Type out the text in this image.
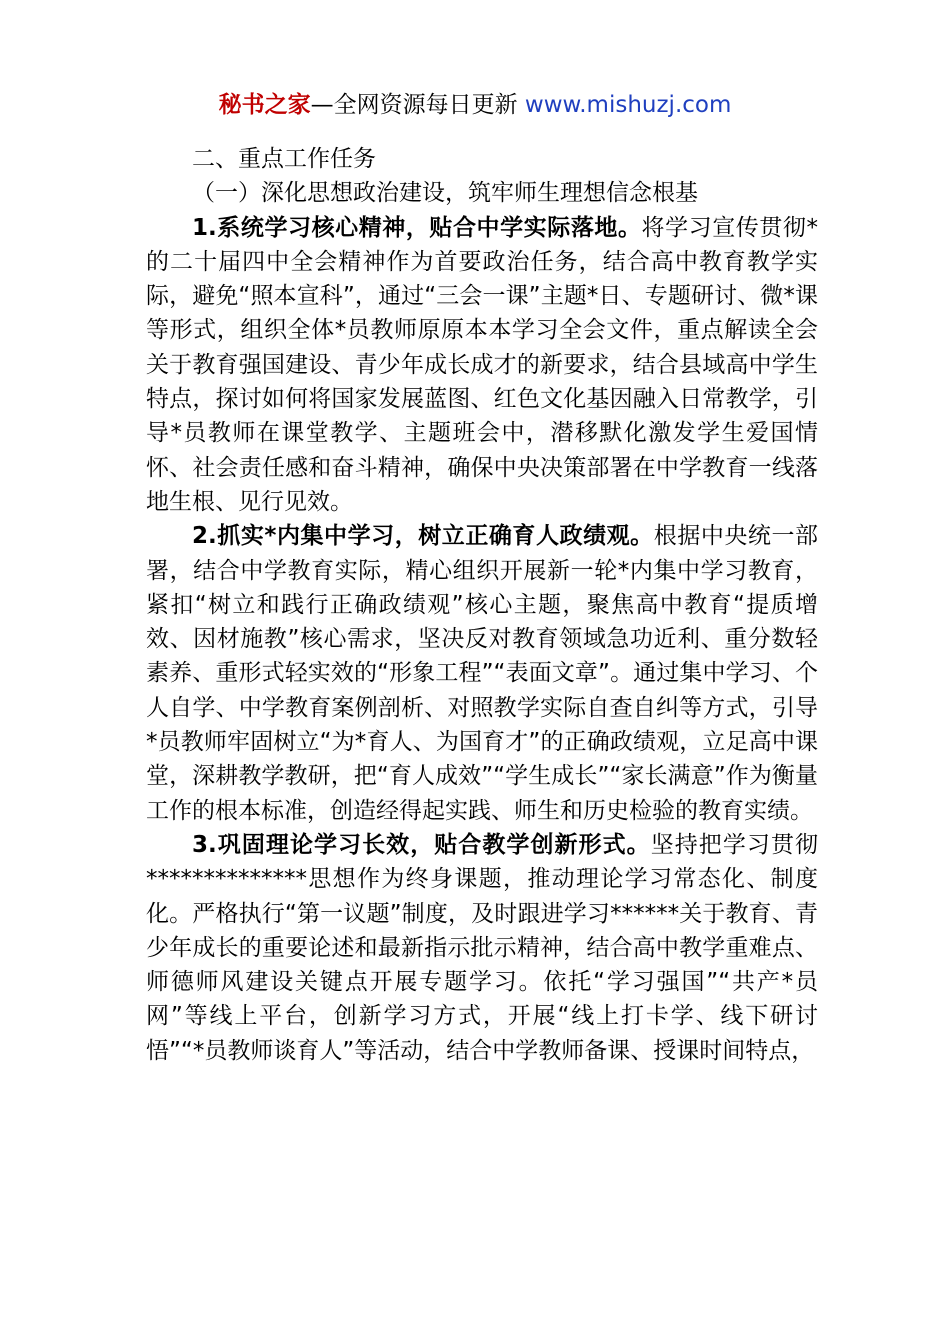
秘书之家—全网资源每日更新 www.mishuzj.com

二、重点工作任务

（一）深化思想政治建设，筑牢师生理想信念根基

1.系统学习核心精神，贴合中学实际落地。将学习宣传贯彻*的二十届四中全会精神作为首要政治任务，结合高中教育教学实际，避免“照本宣科”，通过“三会一课”主题*日、专题研讨、微*课等形式，组织全体*员教师原原本本学习全会文件，重点解读全会关于教育强国建设、青少年成长成才的新要求，结合县域高中学生特点，探讨如何将国家发展蓝图、红色文化基因融入日常教学，引导*员教师在课堂教学、主题班会中，潜移默化激发学生爱国情怀、社会责任感和奋斗精神，确保中央决策部署在中学教育一线落地生根、见行见效。

2.抓实*内集中学习，树立正确育人政绩观。根据中央统一部署，结合中学教育实际，精心组织开展新一轮*内集中学习教育，紧扣“树立和践行正确政绩观”核心主题，聚焦高中教育“提质增效、因材施教”核心需求，坚决反对教育领域急功近利、重分数轻素养、重形式轻实效的“形象工程”“表面文章”。通过集中学习、个人自学、中学教育案例剖析、对照教学实际自查自纠等方式，引导*员教师牢固树立“为*育人、为国育才”的正确政绩观，立足高中课堂，深耕教学教研，把“育人成效”“学生成长”“家长满意”作为衡量工作的根本标准，创造经得起实践、师生和历史检验的教育实绩。

3.巩固理论学习长效，贴合教学创新形式。坚持把学习贯彻**************思想作为终身课题，推动理论学习常态化、制度化。严格执行“第一议题”制度，及时跟进学习******关于教育、青少年成长的重要论述和最新指示批示精神，结合高中教学重难点、师德师风建设关键点开展专题学习。依托“学习强国”“共产*员网”等线上平台，创新学习方式，开展“线上打卡学、线下研讨悟”“*员教师谈育人”等活动，结合中学教师备课、授课时间特点，
